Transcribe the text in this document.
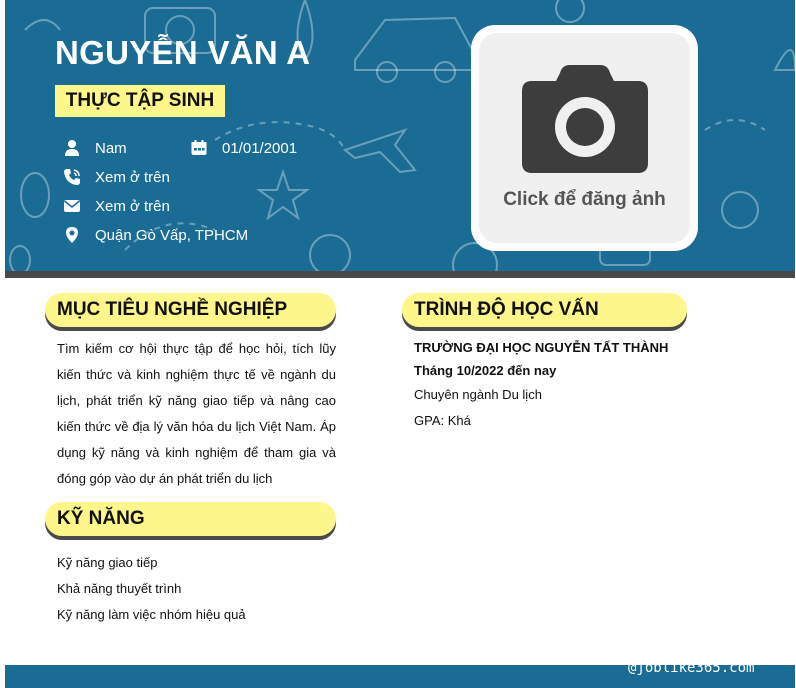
NGUYỄN VĂN A
THỰC TẬP SINH
Nam	01/01/2001
Xem ở trên
Xem ở trên
Quận Gò Vấp, TPHCM
Click để đăng ảnh
MỤC TIÊU NGHỀ NGHIỆP
Tìm kiếm cơ hội thực tập để học hỏi, tích lũy kiến thức và kinh nghiệm thực tế về ngành du lịch, phát triển kỹ năng giao tiếp và nâng cao kiến thức về địa lý văn hóa du lịch Việt Nam. Áp dụng kỹ năng và kinh nghiệm để tham gia và đóng góp vào dự án phát triển du lịch
KỸ NĂNG
Kỹ năng giao tiếp
Khả năng thuyết trình
Kỹ năng làm việc nhóm hiệu quả
TRÌNH ĐỘ HỌC VẤN
TRƯỜNG ĐẠI HỌC NGUYỄN TẤT THÀNH
Tháng 10/2022 đến nay
Chuyên ngành Du lịch
GPA: Khá
@joblike365.com
